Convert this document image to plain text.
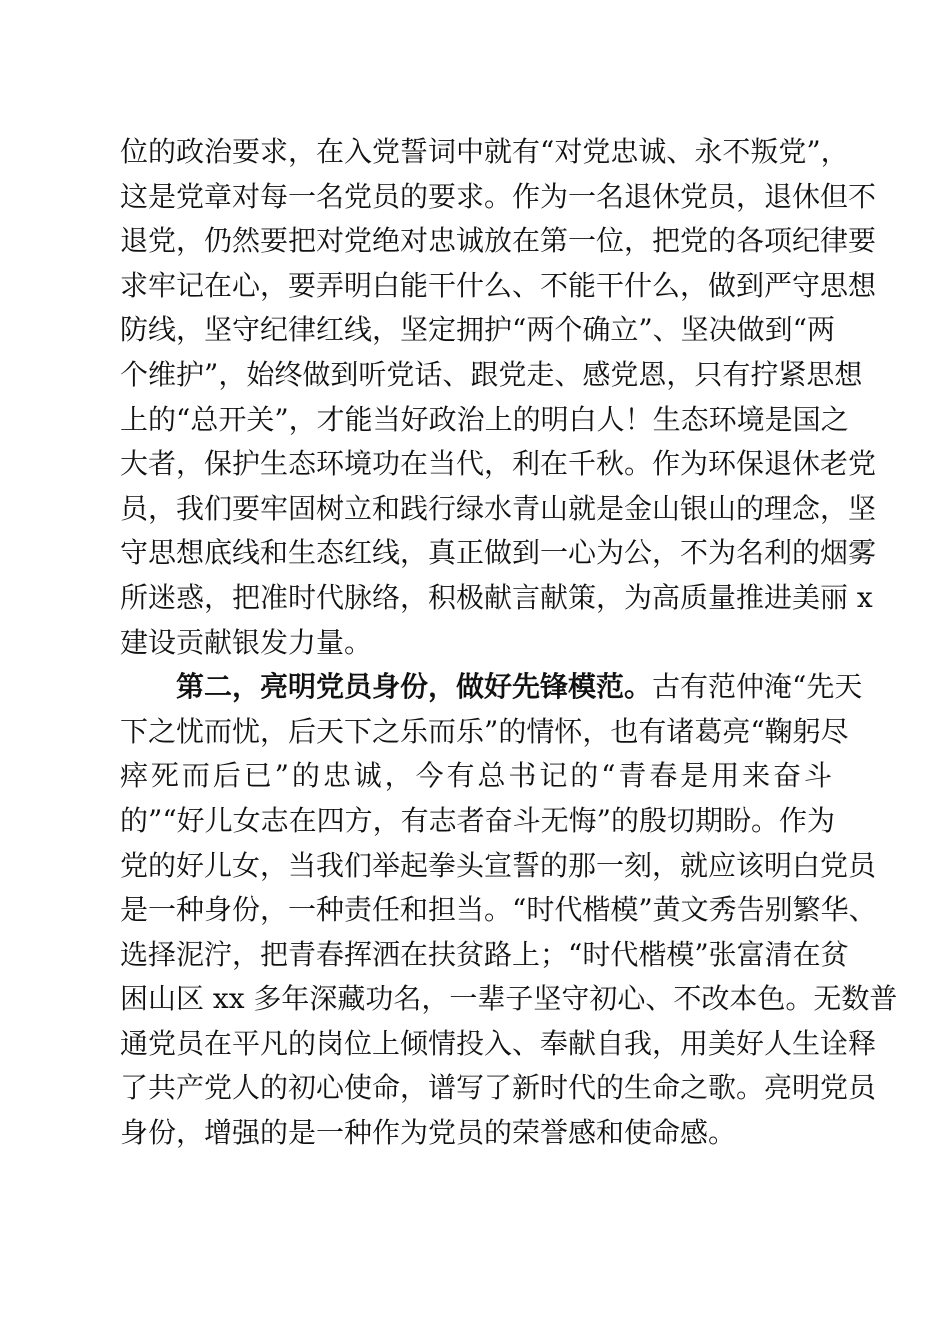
位的政治要求，在入党誓词中就有“对党忠诚、永不叛党”，
这是党章对每一名党员的要求。作为一名退休党员，退休但不
退党，仍然要把对党绝对忠诚放在第一位，把党的各项纪律要
求牢记在心，要弄明白能干什么、不能干什么，做到严守思想
防线，坚守纪律红线，坚定拥护“两个确立”、坚决做到“两
个维护”，始终做到听党话、跟党走、感党恩，只有拧紧思想
上的“总开关”，才能当好政治上的明白人！生态环境是国之
大者，保护生态环境功在当代，利在千秋。作为环保退休老党
员，我们要牢固树立和践行绿水青山就是金山银山的理念，坚
守思想底线和生态红线，真正做到一心为公，不为名利的烟雾
所迷惑，把准时代脉络，积极献言献策，为高质量推进美丽 x
建设贡献银发力量。
第二，亮明党员身份，做好先锋模范。古有范仲淹“先天
下之忧而忧，后天下之乐而乐”的情怀，也有诸葛亮“鞠躬尽
瘁死而后已”的忠诚，今有总书记的“青春是用来奋斗
的”“好儿女志在四方，有志者奋斗无悔”的殷切期盼。作为
党的好儿女，当我们举起拳头宣誓的那一刻，就应该明白党员
是一种身份，一种责任和担当。“时代楷模”黄文秀告别繁华、
选择泥泞，把青春挥洒在扶贫路上；“时代楷模”张富清在贫
困山区 xx 多年深藏功名，一辈子坚守初心、不改本色。无数普
通党员在平凡的岗位上倾情投入、奉献自我，用美好人生诠释
了共产党人的初心使命，谱写了新时代的生命之歌。亮明党员
身份，增强的是一种作为党员的荣誉感和使命感。
